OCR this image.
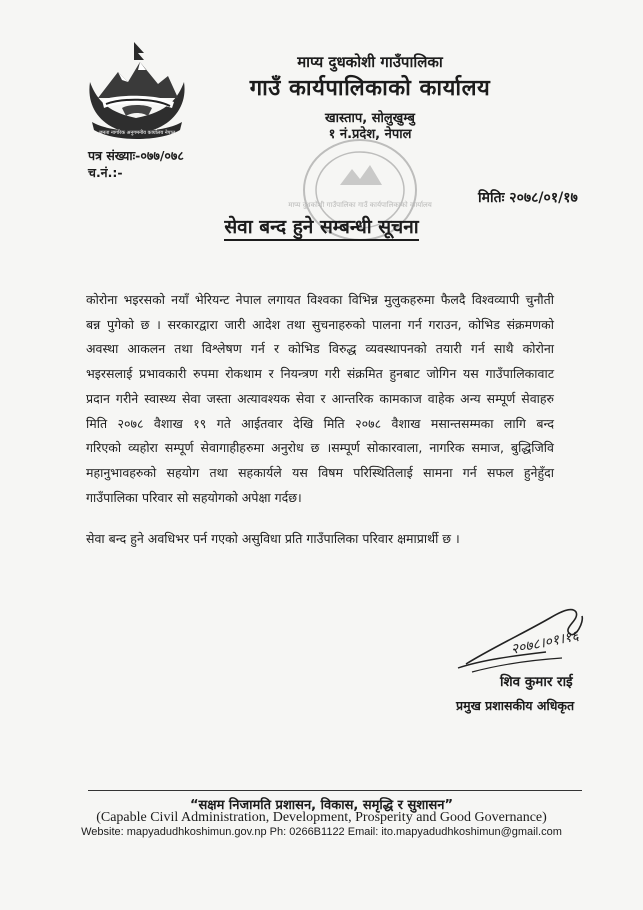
जनता नागरिक अनुगमनीय कार्यालय नेपाल
माप्य दुधकोशी गाउँपालिका
गाउँ कार्यपालिकाको कार्यालय
खास्ताप, सोलुखुम्बु
१ नं.प्रदेश, नेपाल
पत्र संख्याः-०७७/०७८
च.नं.:-
माप्य दुधकोशी गाउँपालिका गाउँ कार्यपालिकाको कार्यालय	मितिः २०७८/०१/१७
सेवा बन्द हुने सम्बन्धी सूचना
कोरोना भइरसको नयाँ भेरियन्ट नेपाल लगायत विश्वका विभिन्न मुलुकहरुमा फैलदै विश्वव्यापी चुनौती
बन्न पुगेको छ । सरकारद्वारा जारी आदेश तथा सुचनाहरुको पालना गर्न गराउन, कोभिड संक्रमणको
अवस्था आकलन तथा विश्लेषण गर्न र कोभिड विरुद्ध व्यवस्थापनको तयारी गर्न साथै कोरोना
भइरसलाई प्रभावकारी रुपमा रोकथाम र नियन्त्रण गरी संक्रमित हुनबाट जोगिन यस गाउँपालिकावाट
प्रदान गरीने स्वास्थ्य सेवा जस्ता अत्यावश्यक सेवा र आन्तरिक कामकाज वाहेक अन्य सम्पूर्ण सेवाहरु
मिति २०७८ वैशाख १९ गते आईतवार देखि मिति २०७८ वैशाख मसान्तसम्मका लागि बन्द
गरिएको व्यहोरा सम्पूर्ण सेवागाहीहरुमा अनुरोध छ ।सम्पूर्ण सोकारवाला, नागरिक समाज, बुद्धिजिवि
महानुभावहरुको सहयोग तथा सहकार्यले यस विषम परिस्थितिलाई सामना गर्न सफल हुनेहुँदा
गाउँपालिका परिवार सो सहयोगको अपेक्षा गर्दछ।
सेवा बन्द हुने अवधिभर पर्न गएको असुविधा प्रति गाउँपालिका परिवार क्षमाप्रार्थी छ ।
२०७८।०१।१६
शिव कुमार राई
प्रमुख प्रशासकीय अधिकृत
“सक्षम निजामति प्रशासन, विकास, समृद्धि र सुशासन”
(Capable Civil Administration, Development, Prosperity and Good Governance)
Website: mapyadudhkoshimun.gov.np Ph: 0266B1122 Email: ito.mapyadudhkoshimun@gmail.com
